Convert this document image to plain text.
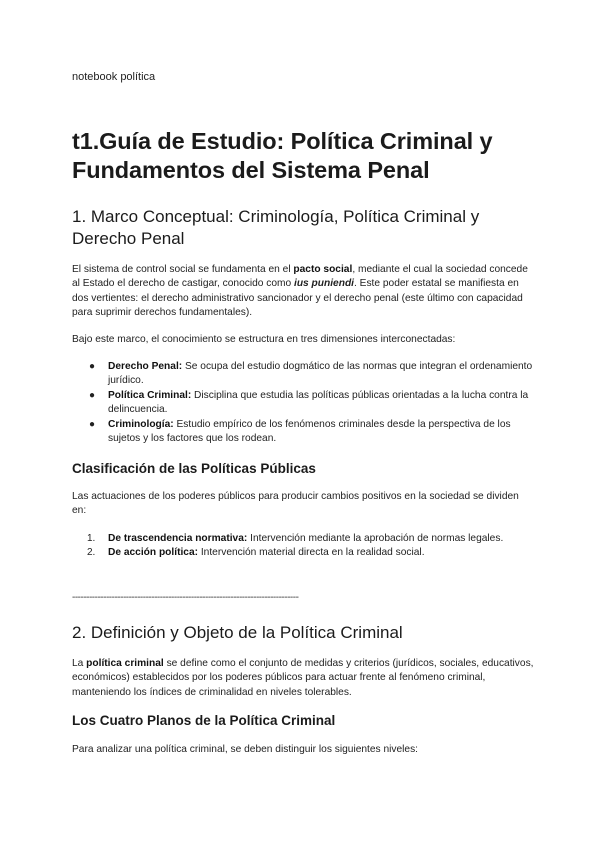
notebook política
t1.Guía de Estudio: Política Criminal y Fundamentos del Sistema Penal
1. Marco Conceptual: Criminología, Política Criminal y Derecho Penal
El sistema de control social se fundamenta en el pacto social, mediante el cual la sociedad concede al Estado el derecho de castigar, conocido como ius puniendi. Este poder estatal se manifiesta en dos vertientes: el derecho administrativo sancionador y el derecho penal (este último con capacidad para suprimir derechos fundamentales).
Bajo este marco, el conocimiento se estructura en tres dimensiones interconectadas:
● Derecho Penal: Se ocupa del estudio dogmático de las normas que integran el ordenamiento jurídico.
● Política Criminal: Disciplina que estudia las políticas públicas orientadas a la lucha contra la delincuencia.
● Criminología: Estudio empírico de los fenómenos criminales desde la perspectiva de los sujetos y los factores que los rodean.
Clasificación de las Políticas Públicas
Las actuaciones de los poderes públicos para producir cambios positivos en la sociedad se dividen en:
1. De trascendencia normativa: Intervención mediante la aprobación de normas legales.
2. De acción política: Intervención material directa en la realidad social.
--------------------------------------------------------------------------------
2. Definición y Objeto de la Política Criminal
La política criminal se define como el conjunto de medidas y criterios (jurídicos, sociales, educativos, económicos) establecidos por los poderes públicos para actuar frente al fenómeno criminal, manteniendo los índices de criminalidad en niveles tolerables.
Los Cuatro Planos de la Política Criminal
Para analizar una política criminal, se deben distinguir los siguientes niveles:
